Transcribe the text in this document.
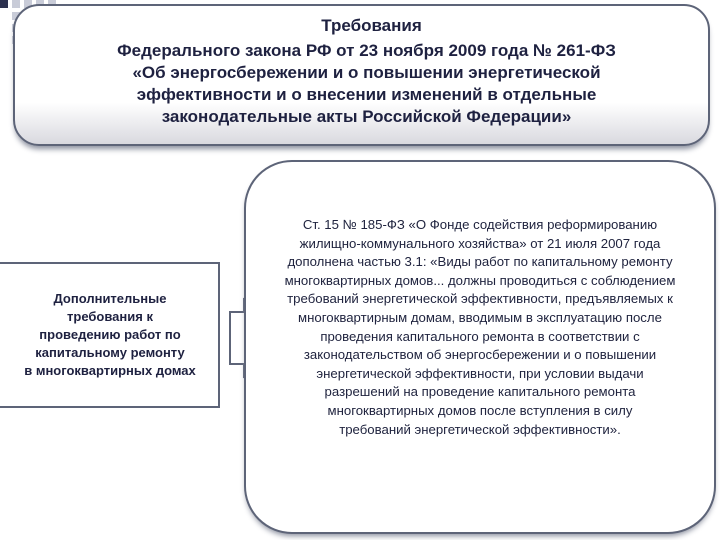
Требования
Федерального закона РФ от 23 ноября 2009 года № 261-ФЗ
«Об энергосбережении и о повышении энергетической
эффективности и о внесении изменений в отдельные
законодательные акты Российской Федерации»
Дополнительные
требования к
проведению работ по
капитальному ремонту
в многоквартирных домах
Ст. 15 № 185-ФЗ «О Фонде содействия реформированию
жилищно-коммунального хозяйства» от 21 июля 2007 года
дополнена частью 3.1: «Виды работ по капитальному ремонту
многоквартирных домов... должны проводиться с соблюдением
требований энергетической эффективности, предъявляемых к
многоквартирным домам, вводимым в эксплуатацию после
проведения капитального ремонта в соответствии с
законодательством об энергосбережении и о повышении
энергетической эффективности, при условии выдачи
разрешений на проведение капитального ремонта
многоквартирных домов после вступления в силу
требований энергетической эффективности».
